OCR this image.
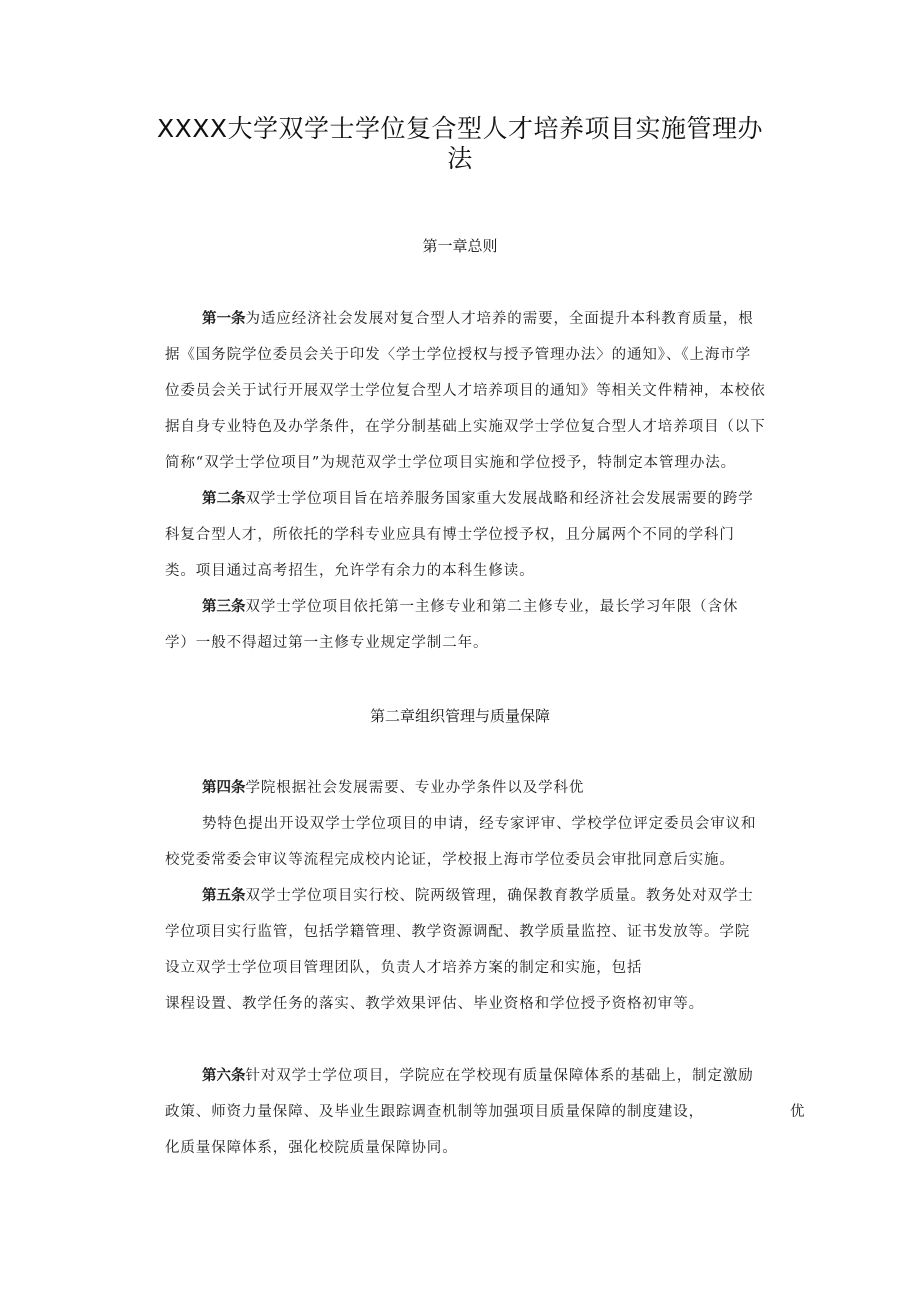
XXXX大学双学士学位复合型人才培养项目实施管理办
法
第一章总则
第一条为适应经济社会发展对复合型人才培养的需要，全面提升本科教育质量，根
据《国务院学位委员会关于印发〈学士学位授权与授予管理办法〉的通知》、《上海市学
位委员会关于试行开展双学士学位复合型人才培养项目的通知》等相关文件精神，本校依
据自身专业特色及办学条件，在学分制基础上实施双学士学位复合型人才培养项目（以下
简称“双学士学位项目”为规范双学士学位项目实施和学位授予，特制定本管理办法。
第二条双学士学位项目旨在培养服务国家重大发展战略和经济社会发展需要的跨学
科复合型人才，所依托的学科专业应具有博士学位授予权，且分属两个不同的学科门
类。项目通过高考招生，允许学有余力的本科生修读。
第三条双学士学位项目依托第一主修专业和第二主修专业，最长学习年限（含休
学）一般不得超过第一主修专业规定学制二年。
第二章组织管理与质量保障
第四条学院根据社会发展需要、专业办学条件以及学科优
势特色提出开设双学士学位项目的申请，经专家评审、学校学位评定委员会审议和
校党委常委会审议等流程完成校内论证，学校报上海市学位委员会审批同意后实施。
第五条双学士学位项目实行校、院两级管理，确保教育教学质量。教务处对双学士
学位项目实行监管，包括学籍管理、教学资源调配、教学质量监控、证书发放等。学院
设立双学士学位项目管理团队，负责人才培养方案的制定和实施，包括
课程设置、教学任务的落实、教学效果评估、毕业资格和学位授予资格初审等。
第六条针对双学士学位项目，学院应在学校现有质量保障体系的基础上，制定激励
政策、师资力量保障、及毕业生跟踪调查机制等加强项目质量保障的制度建设，	优
化质量保障体系，强化校院质量保障协同。
